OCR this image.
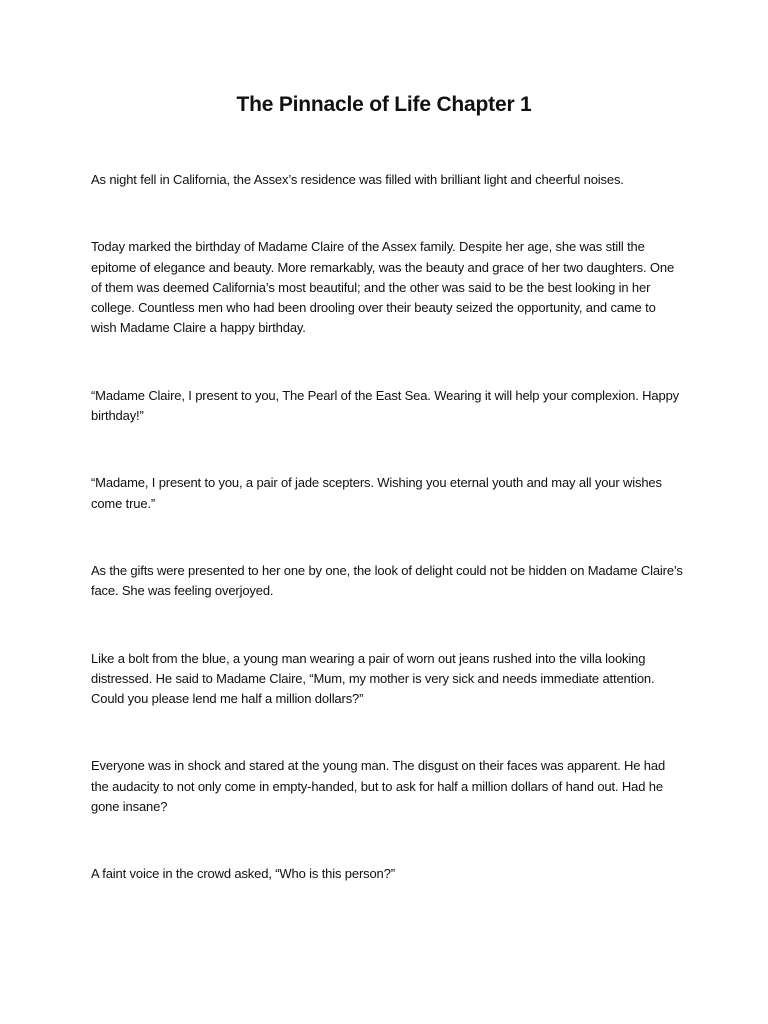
The Pinnacle of Life Chapter 1

As night fell in California, the Assex’s residence was filled with brilliant light and cheerful noises.

Today marked the birthday of Madame Claire of the Assex family. Despite her age, she was still the epitome of elegance and beauty. More remarkably, was the beauty and grace of her two daughters. One of them was deemed California’s most beautiful; and the other was said to be the best looking in her college. Countless men who had been drooling over their beauty seized the opportunity, and came to wish Madame Claire a happy birthday.

“Madame Claire, I present to you, The Pearl of the East Sea. Wearing it will help your complexion. Happy birthday!”

“Madame, I present to you, a pair of jade scepters. Wishing you eternal youth and may all your wishes come true.”

As the gifts were presented to her one by one, the look of delight could not be hidden on Madame Claire’s face. She was feeling overjoyed.

Like a bolt from the blue, a young man wearing a pair of worn out jeans rushed into the villa looking distressed. He said to Madame Claire, “Mum, my mother is very sick and needs immediate attention. Could you please lend me half a million dollars?”

Everyone was in shock and stared at the young man. The disgust on their faces was apparent. He had the audacity to not only come in empty-handed, but to ask for half a million dollars of hand out. Had he gone insane?

A faint voice in the crowd asked, “Who is this person?”
